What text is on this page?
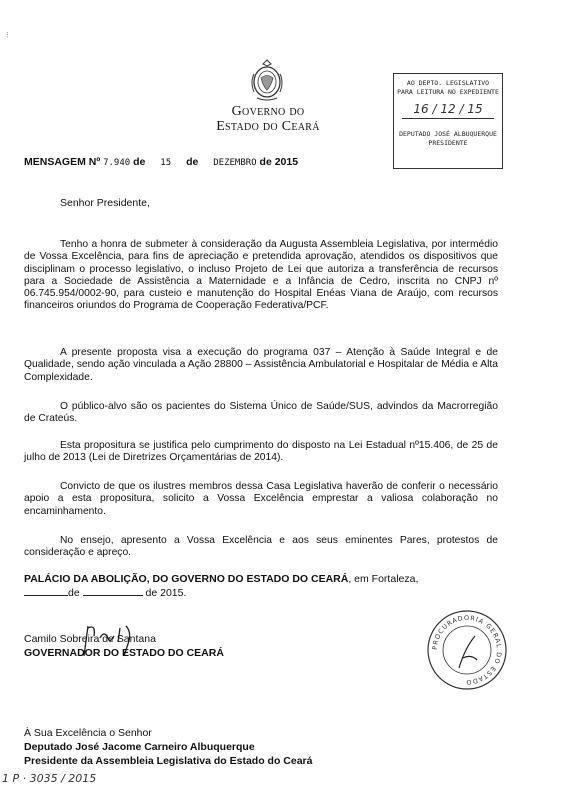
⁝
Governo do
Estado do Ceará
AO DEPTO. LEGISLATIVO
PARA LEITURA NO EXPEDIENTE
16 / 12 / 15
DEPUTADO JOSÉ ALBUQUERQUE
PRESIDENTE
MENSAGEM Nº 7.940 de 15 de DEZEMBRO de 2015
Senhor Presidente,
Tenho a honra de submeter à consideração da Augusta Assembleia Legislativa, por intermédio de Vossa Excelência, para fins de apreciação e pretendida aprovação, atendidos os dispositivos que disciplinam o processo legislativo, o incluso Projeto de Lei que autoriza a transferência de recursos para a Sociedade de Assistência a Maternidade e a Infância de Cedro, inscrita no CNPJ nº 06.745.954/0002-90, para custeio e manutenção do Hospital Enéas Viana de Araújo, com recursos financeiros oriundos do Programa de Cooperação Federativa/PCF.
A presente proposta visa a execução do programa 037 – Atenção à Saúde Integral e de Qualidade, sendo ação vinculada a Ação 28800 – Assistência Ambulatorial e Hospitalar de Média e Alta Complexidade.
O público-alvo são os pacientes do Sistema Único de Saúde/SUS, advindos da Macrorregião de Crateús.
Esta propositura se justifica pelo cumprimento do disposto na Lei Estadual nº15.406, de 25 de julho de 2013 (Lei de Diretrizes Orçamentárias de 2014).
Convicto de que os ilustres membros dessa Casa Legislativa haverão de conferir o necessário apoio a esta propositura, solicito a Vossa Excelência emprestar a valiosa colaboração no encaminhamento.
No ensejo, apresento a Vossa Excelência e aos seus eminentes Pares, protestos de consideração e apreço.
PALÁCIO DA ABOLIÇÃO, DO GOVERNO DO ESTADO DO CEARÁ, em Fortaleza,
de	de 2015.
Camilo Sobreira de Santana
GOVERNADOR DO ESTADO DO CEARÁ	PROCURADORIA GERAL DO ESTADO
À Sua Excelência o Senhor
Deputado José Jacome Carneiro Albuquerque
Presidente da Assembleia Legislativa do Estado do Ceará
1 P · 3035 / 2015
